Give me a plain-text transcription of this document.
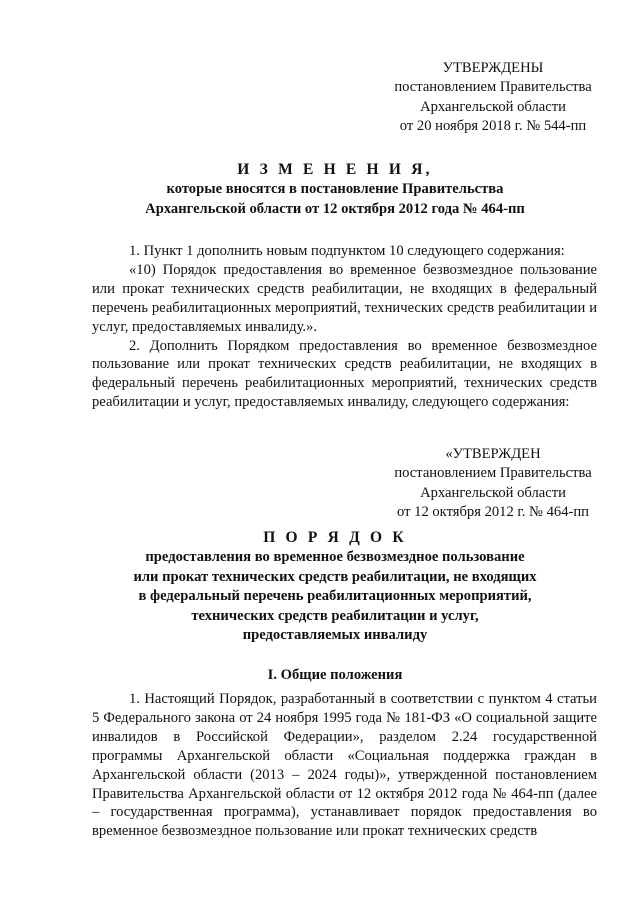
УТВЕРЖДЕНЫ
постановлением Правительства
Архангельской области
от 20 ноября 2018 г. № 544-пп
И З М Е Н Е Н И Я,
которые вносятся в постановление Правительства
Архангельской области от 12 октября 2012 года № 464-пп

1. Пункт 1 дополнить новым подпунктом 10 следующего содержания:

«10) Порядок предоставления во временное безвозмездное пользование или прокат технических средств реабилитации, не входящих в федеральный перечень реабилитационных мероприятий, технических средств реабилитации и услуг, предоставляемых инвалиду.».

2. Дополнить Порядком предоставления во временное безвозмездное пользование или прокат технических средств реабилитации, не входящих в федеральный перечень реабилитационных мероприятий, технических средств реабилитации и услуг, предоставляемых инвалиду, следующего содержания:

«УТВЕРЖДЕН
постановлением Правительства
Архангельской области
от 12 октября 2012 г. № 464-пп
П О Р Я Д О К
предоставления во временное безвозмездное пользование
или прокат технических средств реабилитации, не входящих
в федеральный перечень реабилитационных мероприятий,
технических средств реабилитации и услуг,
предоставляемых инвалиду
I. Общие положения

1. Настоящий Порядок, разработанный в соответствии с пунктом 4 статьи 5 Федерального закона от 24 ноября 1995 года № 181-ФЗ «О социальной защите инвалидов в Российской Федерации», разделом 2.24 государственной программы Архангельской области «Социальная поддержка граждан в Архангельской области (2013 – 2024 годы)», утвержденной постановлением Правительства Архангельской области от 12 октября 2012 года № 464-пп (далее – государственная программа), устанавливает порядок предоставления во временное безвозмездное пользование или прокат технических средств
